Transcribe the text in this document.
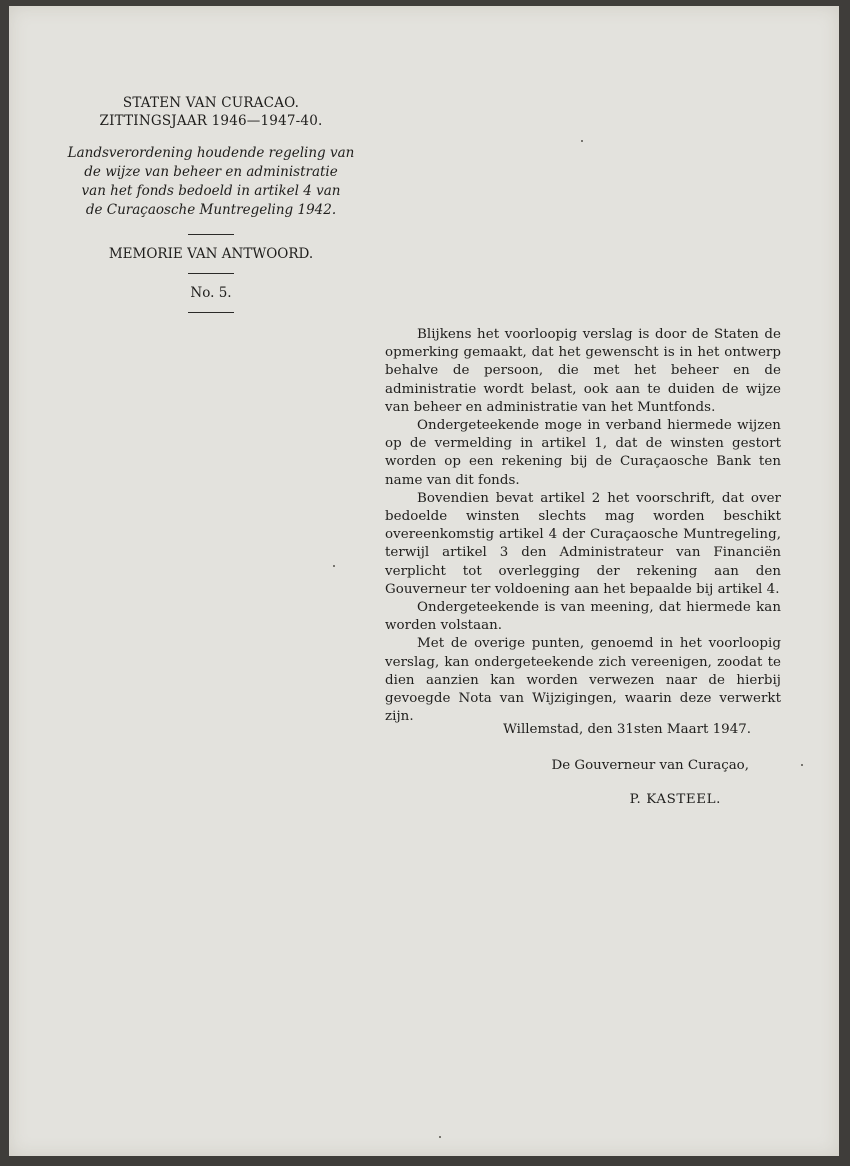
STATEN VAN CURACAO.

ZITTINGSJAAR 1946—1947-40.

Landsverordening houdende regeling van
de wijze van beheer en administratie
van het fonds bedoeld in artikel 4 van
de Curaçaosche Muntregeling 1942.

MEMORIE VAN ANTWOORD.

No. 5.

Blijkens het voorloopig verslag is door de Staten de opmerking gemaakt, dat het gewenscht is in het ontwerp behalve de persoon, die met het beheer en de administratie wordt belast, ook aan te duiden de wijze van beheer en administratie van het Muntfonds.

Ondergeteekende moge in verband hiermede wijzen op de vermelding in artikel 1, dat de winsten gestort worden op een rekening bij de Curaçaosche Bank ten name van dit fonds.

Bovendien bevat artikel 2 het voorschrift, dat over bedoelde winsten slechts mag worden beschikt overeenkomstig artikel 4 der Curaçaosche Muntregeling, terwijl artikel 3 den Administrateur van Financiën verplicht tot overlegging der rekening aan den Gouverneur ter voldoening aan het bepaalde bij artikel 4.

Ondergeteekende is van meening, dat hiermede kan worden volstaan.

Met de overige punten, genoemd in het voorloopig verslag, kan ondergeteekende zich vereenigen, zoodat te dien aanzien kan worden verwezen naar de hierbij gevoegde Nota van Wijzigingen, waarin deze verwerkt zijn.

Willemstad, den 31sten Maart 1947.
De Gouverneur van Curaçao,
P. KASTEEL.
